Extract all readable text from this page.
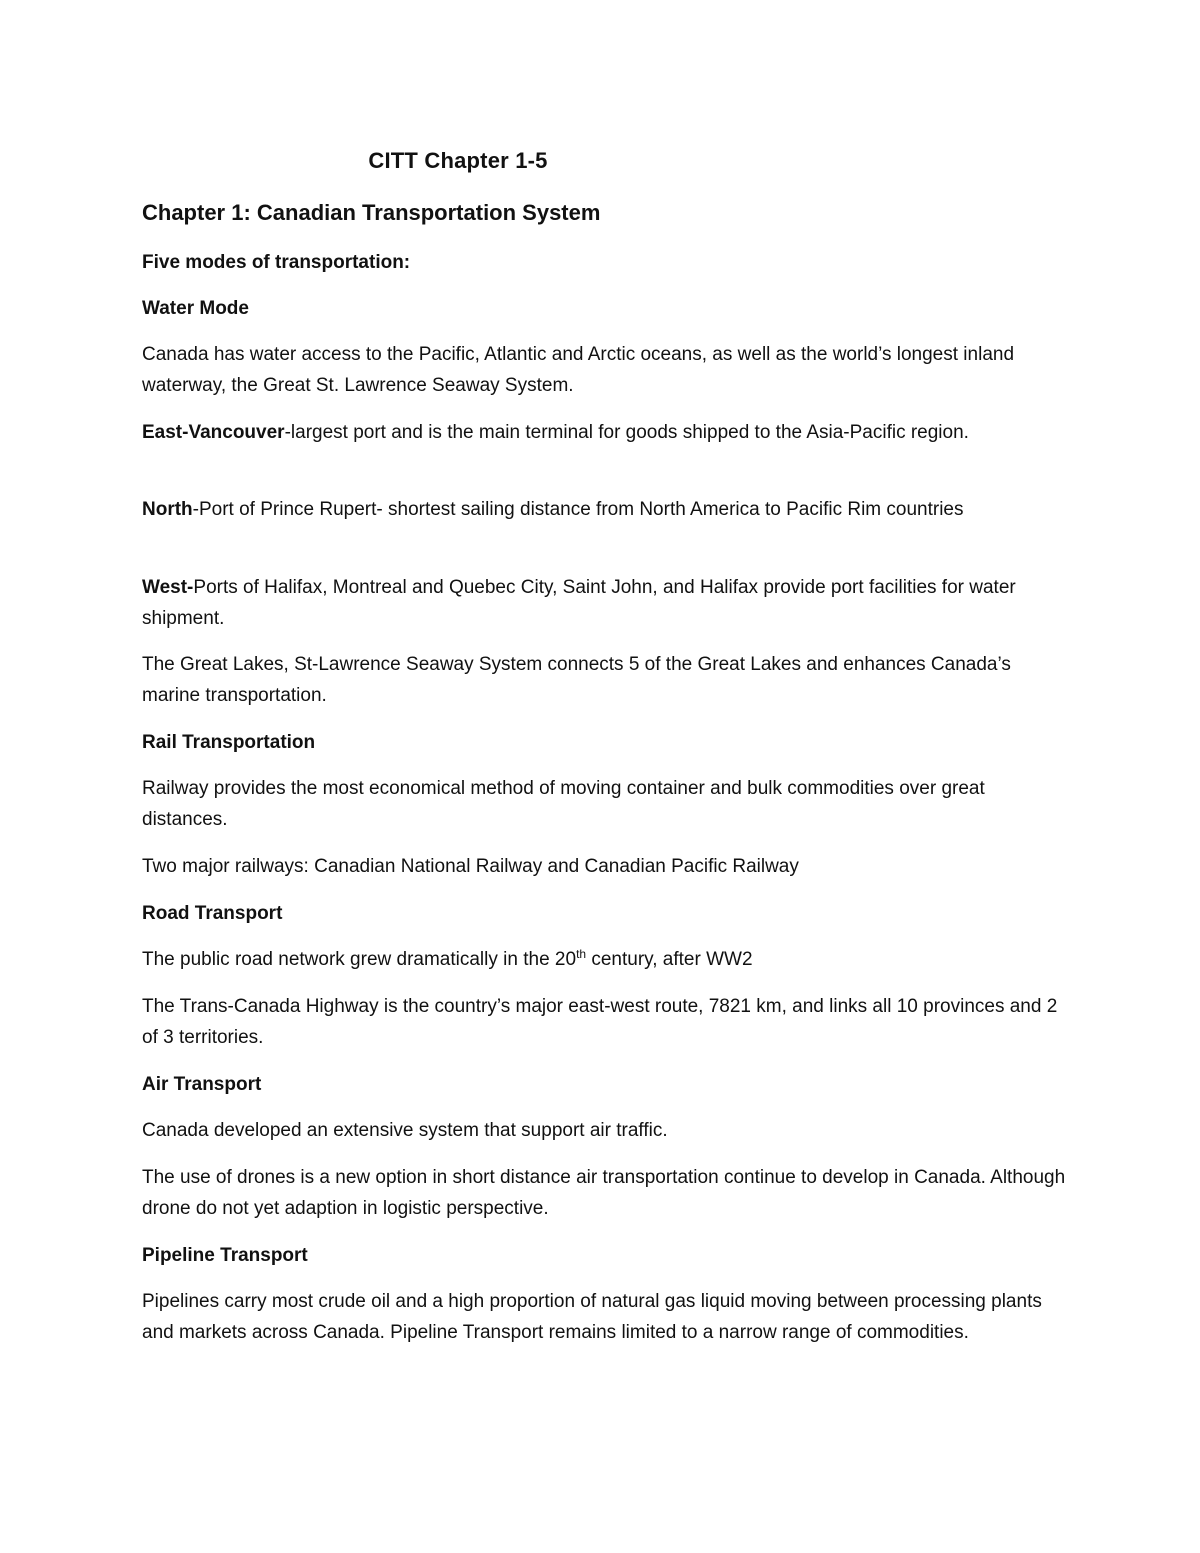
CITT Chapter 1-5
Chapter 1: Canadian Transportation System
Five modes of transportation:
Water Mode
Canada has water access to the Pacific, Atlantic and Arctic oceans, as well as the world’s longest inland waterway, the Great St. Lawrence Seaway System.
East-Vancouver-largest port and is the main terminal for goods shipped to the Asia-Pacific region.
North-Port of Prince Rupert- shortest sailing distance from North America to Pacific Rim countries
West-Ports of Halifax, Montreal and Quebec City, Saint John, and Halifax provide port facilities for water shipment.
The Great Lakes, St-Lawrence Seaway System connects 5 of the Great Lakes and enhances Canada’s marine transportation.
Rail Transportation
Railway provides the most economical method of moving container and bulk commodities over great distances.
Two major railways: Canadian National Railway and Canadian Pacific Railway
Road Transport
The public road network grew dramatically in the 20th century, after WW2
The Trans-Canada Highway is the country’s major east-west route, 7821 km, and links all 10 provinces and 2 of 3 territories.
Air Transport
Canada developed an extensive system that support air traffic.
The use of drones is a new option in short distance air transportation continue to develop in Canada. Although drone do not yet adaption in logistic perspective.
Pipeline Transport
Pipelines carry most crude oil and a high proportion of natural gas liquid moving between processing plants and markets across Canada. Pipeline Transport remains limited to a narrow range of commodities.
